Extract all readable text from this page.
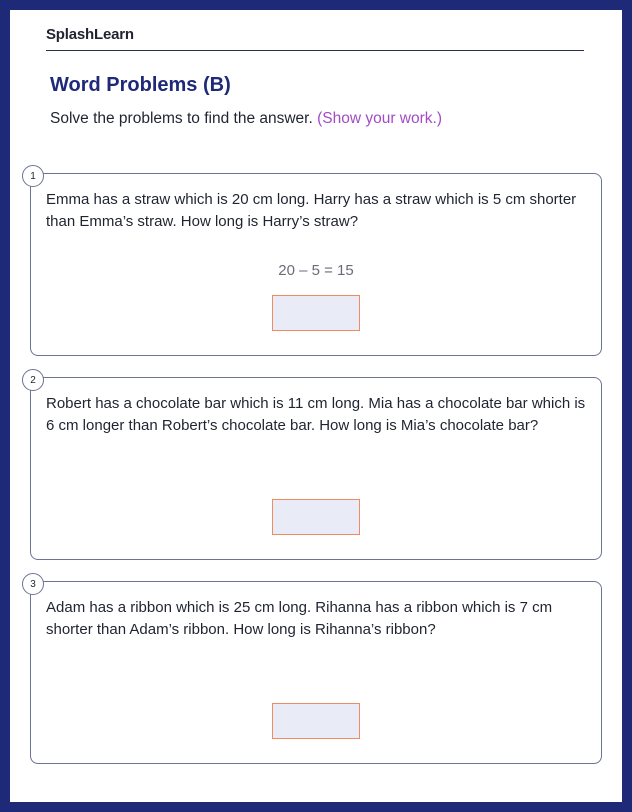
SplashLearn
Word Problems (B)
Solve the problems to find the answer. (Show your work.)
1
Emma has a straw which is 20 cm long. Harry has a straw which is 5 cm shorter than Emma’s straw. How long is Harry’s straw?
20 – 5 = 15
2
Robert has a chocolate bar which is 11 cm long. Mia has a chocolate bar which is 6 cm longer than Robert’s chocolate bar. How long is Mia’s chocolate bar?
3
Adam has a ribbon which is 25 cm long. Rihanna has a ribbon which is 7 cm shorter than Adam’s ribbon. How long is Rihanna’s ribbon?
